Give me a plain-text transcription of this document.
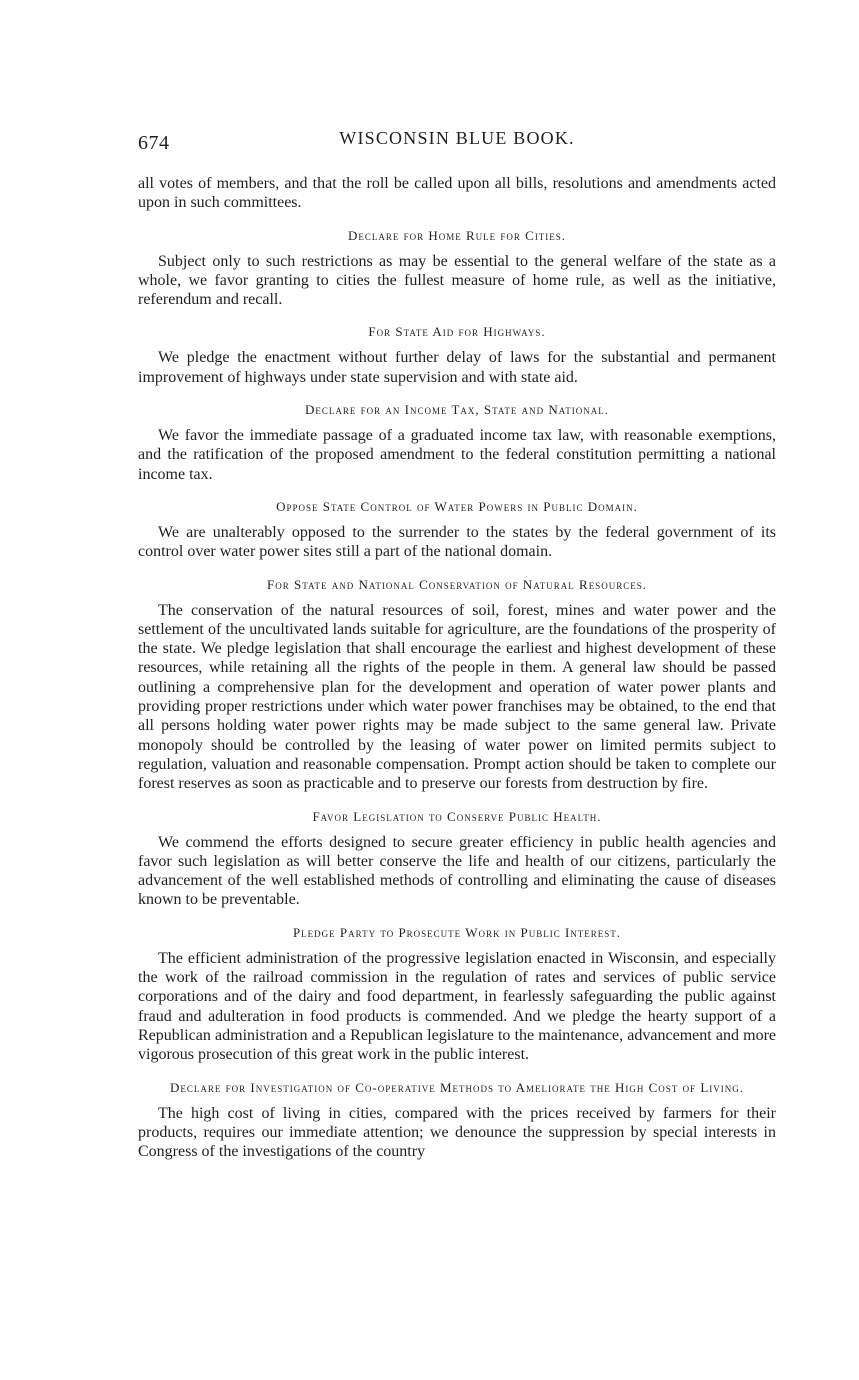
674	WISCONSIN BLUE BOOK.

all votes of members, and that the roll be called upon all bills, resolutions and amendments acted upon in such committees.

Declare for Home Rule for Cities.

Subject only to such restrictions as may be essential to the general welfare of the state as a whole, we favor granting to cities the fullest measure of home rule, as well as the initiative, referendum and recall.

For State Aid for Highways.

We pledge the enactment without further delay of laws for the substantial and permanent improvement of highways under state supervision and with state aid.

Declare for an Income Tax, State and National.

We favor the immediate passage of a graduated income tax law, with reasonable exemptions, and the ratification of the proposed amendment to the federal constitution permitting a national income tax.

Oppose State Control of Water Powers in Public Domain.

We are unalterably opposed to the surrender to the states by the federal government of its control over water power sites still a part of the national domain.

For State and National Conservation of Natural Resources.

The conservation of the natural resources of soil, forest, mines and water power and the settlement of the uncultivated lands suitable for agriculture, are the foundations of the prosperity of the state. We pledge legislation that shall encourage the earliest and highest development of these resources, while retaining all the rights of the people in them. A general law should be passed outlining a comprehensive plan for the development and operation of water power plants and providing proper restrictions under which water power franchises may be obtained, to the end that all persons holding water power rights may be made subject to the same general law. Private monopoly should be controlled by the leasing of water power on limited permits subject to regulation, valuation and reasonable compensation. Prompt action should be taken to complete our forest reserves as soon as practicable and to preserve our forests from destruction by fire.

Favor Legislation to Conserve Public Health.

We commend the efforts designed to secure greater efficiency in public health agencies and favor such legislation as will better conserve the life and health of our citizens, particularly the advancement of the well established methods of controlling and eliminating the cause of diseases known to be preventable.

Pledge Party to Prosecute Work in Public Interest.

The efficient administration of the progressive legislation enacted in Wisconsin, and especially the work of the railroad commission in the regulation of rates and services of public service corporations and of the dairy and food department, in fearlessly safeguarding the public against fraud and adulteration in food products is commended. And we pledge the hearty support of a Republican administration and a Republican legislature to the maintenance, advancement and more vigorous prosecution of this great work in the public interest.

Declare for Investigation of Co-operative Methods to Ameliorate the High Cost of Living.

The high cost of living in cities, compared with the prices received by farmers for their products, requires our immediate attention; we denounce the suppression by special interests in Congress of the investigations of the country
